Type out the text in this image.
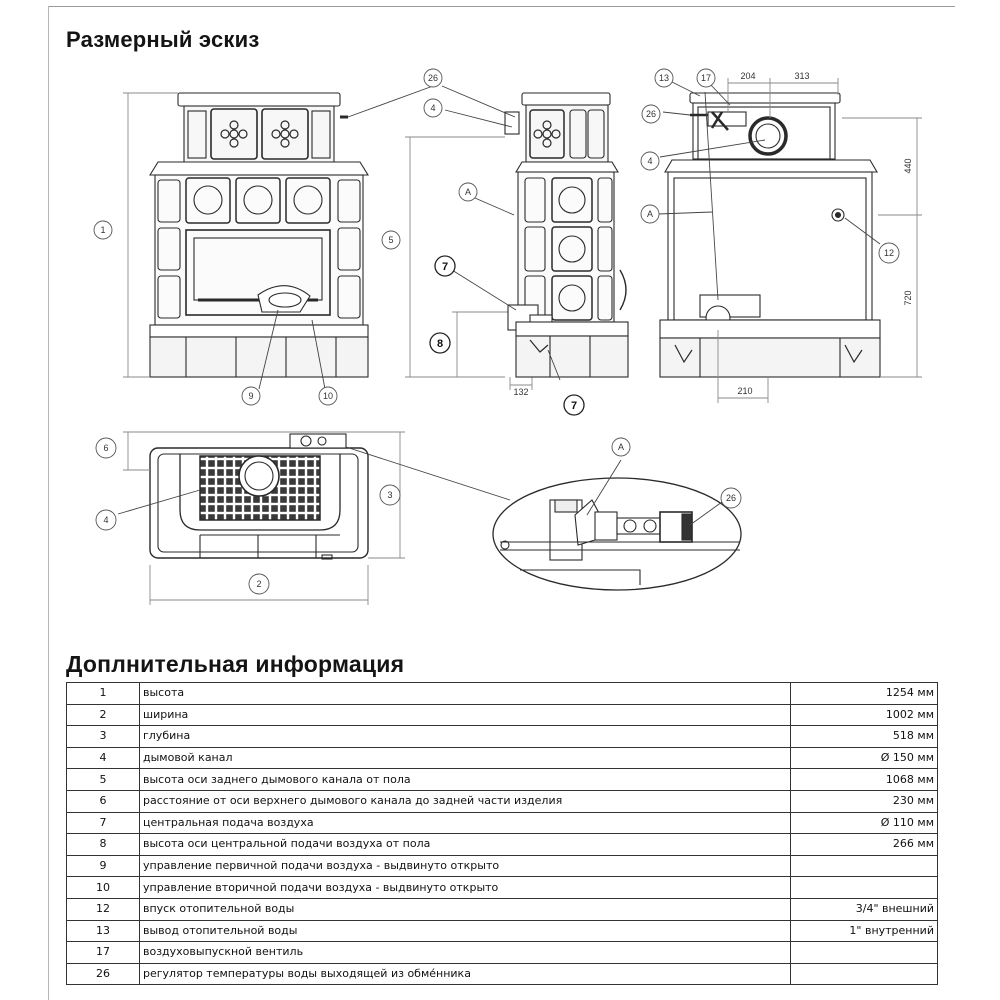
Размерный эскиз
26
4
1
5
A
9	10
13	17
26
4
A
12
6
4
3
2
A
26
7
8
7
204	313
132	210
440
720
Доплнительная информация
1	высота	1254 мм
2	ширина	1002 мм
3	глубина	518 мм
4	дымовой канал	Ø 150 мм
5	высота оси заднего дымового канала от пола	1068 мм
6	расстояние от оси верхнего дымового канала до задней части изделия	230 мм
7	центральная подача воздуха	Ø 110 мм
8	высота оси центральной подачи воздуха от пола	266 мм
9	управление первичной подачи воздуха - выдвинуто открыто	
10	управление вторичной подачи воздуха - выдвинуто открыто	
12	впуск отопительной воды	3/4" внешний
13	вывод отопительной воды	1" внутренний
17	воздуховыпускной вентиль	
26	регулятор температуры воды выходящей из обме́нника	
